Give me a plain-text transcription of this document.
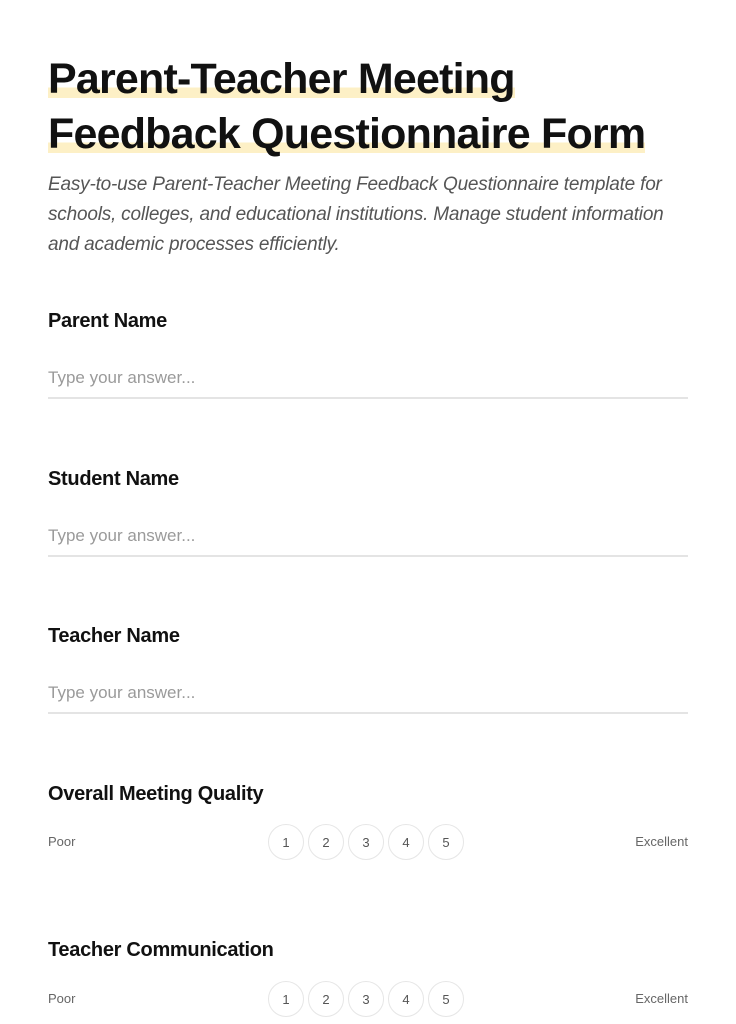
Parent-Teacher Meeting
Feedback Questionnaire Form

Easy-to-use Parent-Teacher Meeting Feedback Questionnaire template for schools, colleges, and educational institutions. Manage student information and academic processes efficiently.

Parent Name
Type your answer...
Student Name
Type your answer...
Teacher Name
Type your answer...
Overall Meeting Quality
Poor	1	2	3	4	5	Excellent
Teacher Communication
Poor	1	2	3	4	5	Excellent
